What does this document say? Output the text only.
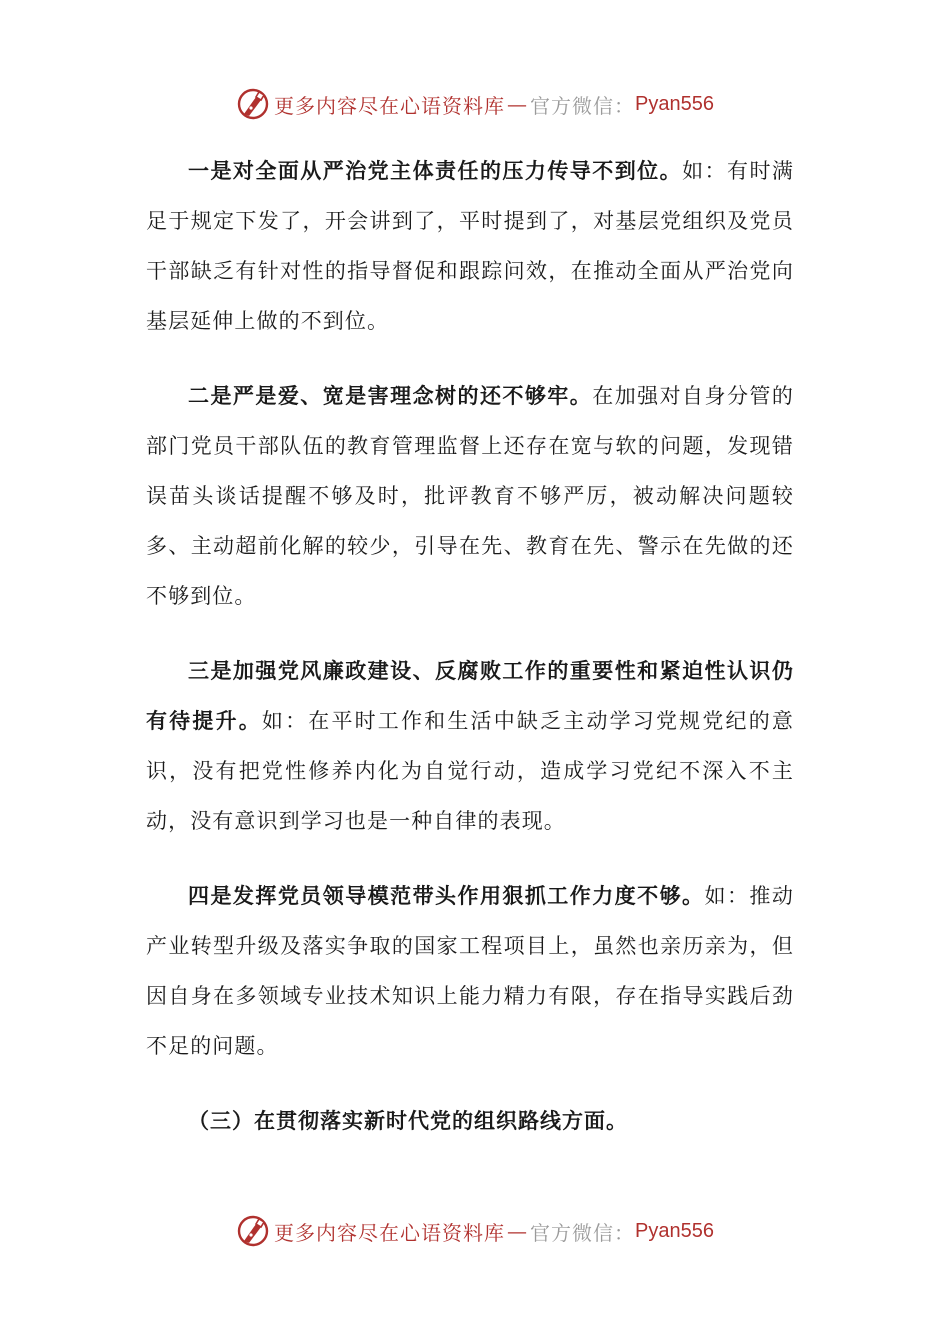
更多内容尽在心语资料库 — 官方微信： Pyan556

一是对全面从严治党主体责任的压力传导不到位。如：有时满足于规定下发了，开会讲到了，平时提到了，对基层党组织及党员干部缺乏有针对性的指导督促和跟踪问效，在推动全面从严治党向基层延伸上做的不到位。

二是严是爱、宽是害理念树的还不够牢。在加强对自身分管的部门党员干部队伍的教育管理监督上还存在宽与软的问题，发现错误苗头谈话提醒不够及时，批评教育不够严厉，被动解决问题较多、主动超前化解的较少，引导在先、教育在先、警示在先做的还不够到位。

三是加强党风廉政建设、反腐败工作的重要性和紧迫性认识仍有待提升。如：在平时工作和生活中缺乏主动学习党规党纪的意识，没有把党性修养内化为自觉行动，造成学习党纪不深入不主动，没有意识到学习也是一种自律的表现。

四是发挥党员领导模范带头作用狠抓工作力度不够。如：推动产业转型升级及落实争取的国家工程项目上，虽然也亲历亲为，但因自身在多领域专业技术知识上能力精力有限，存在指导实践后劲不足的问题。

（三）在贯彻落实新时代党的组织路线方面。

更多内容尽在心语资料库 — 官方微信： Pyan556
